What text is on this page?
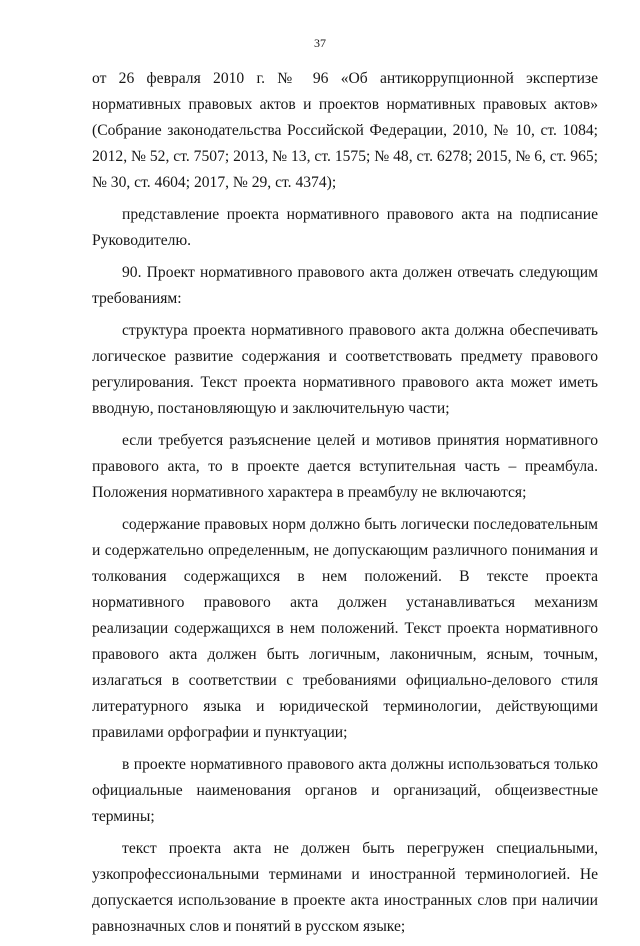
37

от 26 февраля 2010 г. № 96 «Об антикоррупционной экспертизе нормативных правовых актов и проектов нормативных правовых актов» (Собрание законодательства Российской Федерации, 2010, № 10, ст. 1084; 2012, № 52, ст. 7507; 2013, № 13, ст. 1575; № 48, ст. 6278; 2015, № 6, ст. 965; № 30, ст. 4604; 2017, № 29, ст. 4374);

представление проекта нормативного правового акта на подписание Руководителю.

90. Проект нормативного правового акта должен отвечать следующим требованиям:

структура проекта нормативного правового акта должна обеспечивать логическое развитие содержания и соответствовать предмету правового регулирования. Текст проекта нормативного правового акта может иметь вводную, постановляющую и заключительную части;

если требуется разъяснение целей и мотивов принятия нормативного правового акта, то в проекте дается вступительная часть – преамбула. Положения нормативного характера в преамбулу не включаются;

содержание правовых норм должно быть логически последовательным и содержательно определенным, не допускающим различного понимания и толкования содержащихся в нем положений. В тексте проекта нормативного правового акта должен устанавливаться механизм реализации содержащихся в нем положений. Текст проекта нормативного правового акта должен быть логичным, лаконичным, ясным, точным, излагаться в соответствии с требованиями официально-делового стиля литературного языка и юридической терминологии, действующими правилами орфографии и пунктуации;

в проекте нормативного правового акта должны использоваться только официальные наименования органов и организаций, общеизвестные термины;

текст проекта акта не должен быть перегружен специальными, узкопрофессиональными терминами и иностранной терминологией. Не допускается использование в проекте акта иностранных слов при наличии равнозначных слов и понятий в русском языке;
